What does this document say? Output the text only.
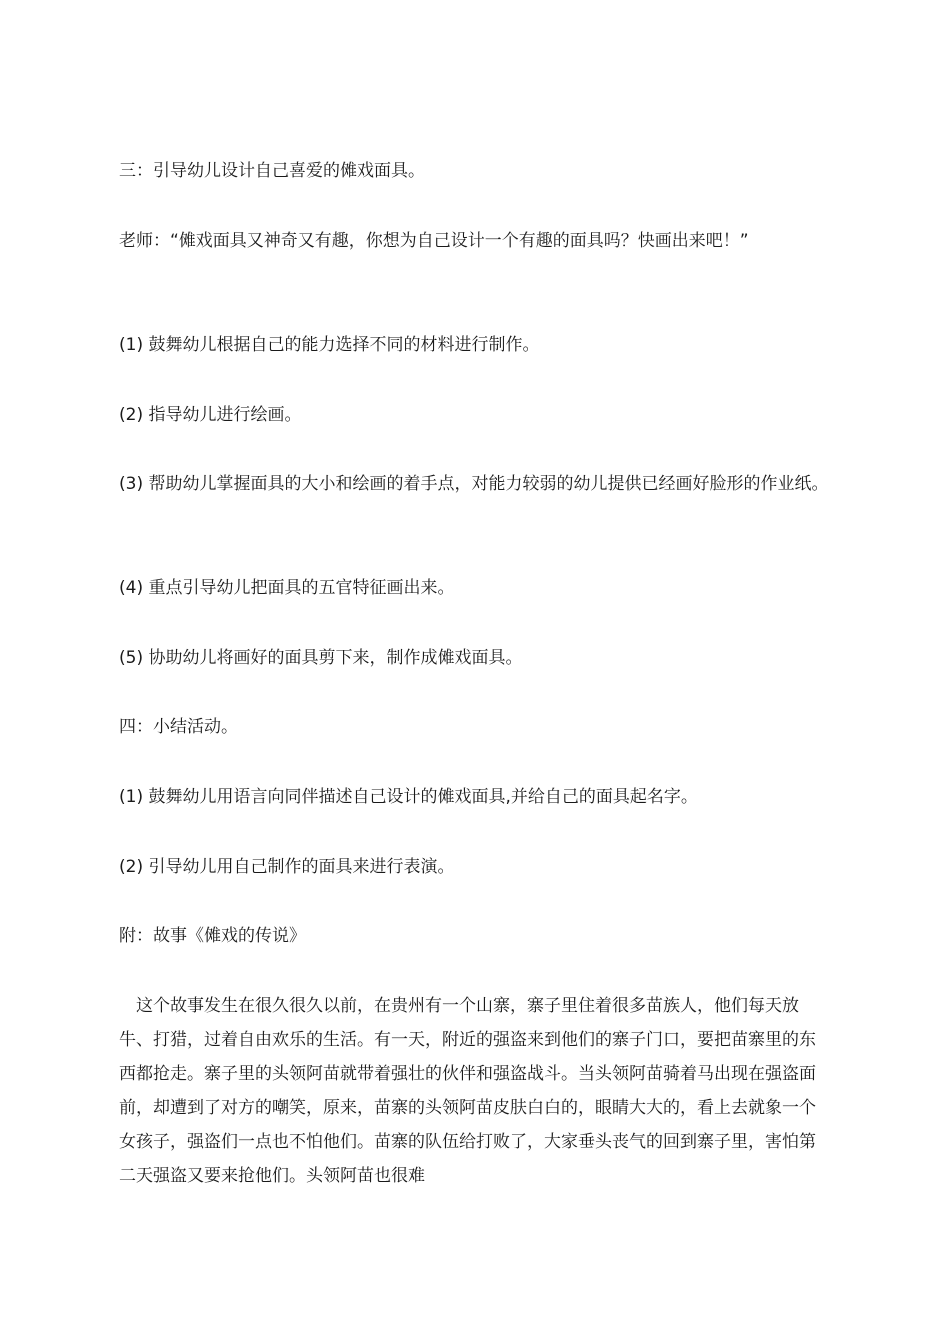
三：引导幼儿设计自己喜爱的傩戏面具。

老师：“傩戏面具又神奇又有趣，你想为自己设计一个有趣的面具吗？快画出来吧！”

(1) 鼓舞幼儿根据自己的能力选择不同的材料进行制作。

(2) 指导幼儿进行绘画。

(3) 帮助幼儿掌握面具的大小和绘画的着手点，对能力较弱的幼儿提供已经画好脸形的作业纸。

(4) 重点引导幼儿把面具的五官特征画出来。

(5) 协助幼儿将画好的面具剪下来，制作成傩戏面具。

四：小结活动。

(1) 鼓舞幼儿用语言向同伴描述自己设计的傩戏面具,并给自己的面具起名字。

(2) 引导幼儿用自己制作的面具来进行表演。

附：故事《傩戏的传说》

这个故事发生在很久很久以前，在贵州有一个山寨，寨子里住着很多苗族人，他们每天放牛、打猎，过着自由欢乐的生活。有一天，附近的强盗来到他们的寨子门口，要把苗寨里的东西都抢走。寨子里的头领阿苗就带着强壮的伙伴和强盗战斗。当头领阿苗骑着马出现在强盗面前，却遭到了对方的嘲笑，原来，苗寨的头领阿苗皮肤白白的，眼睛大大的，看上去就象一个女孩子，强盗们一点也不怕他们。苗寨的队伍给打败了，大家垂头丧气的回到寨子里，害怕第二天强盗又要来抢他们。头领阿苗也很难
